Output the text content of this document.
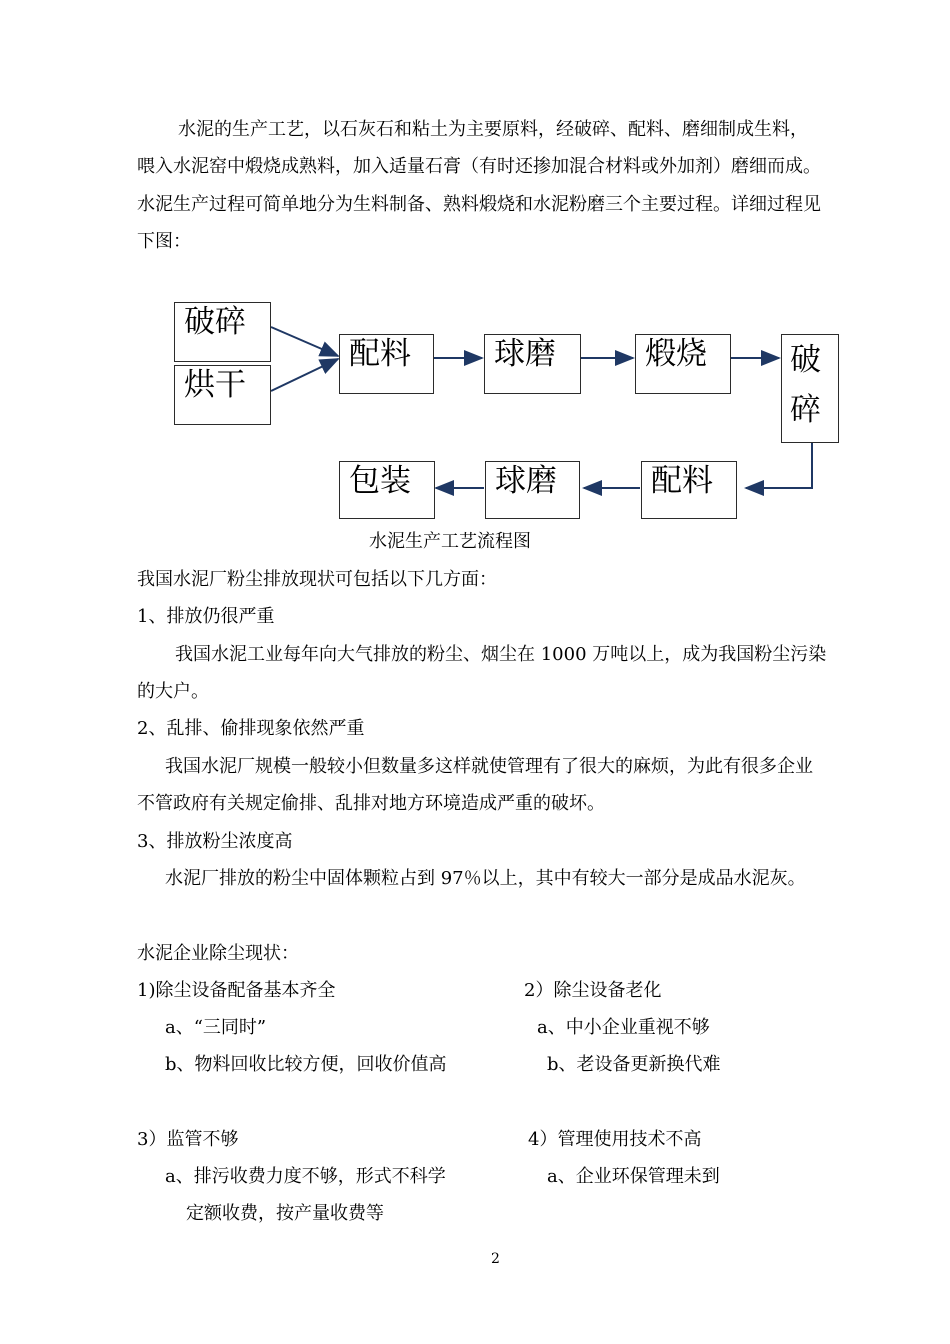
水泥的生产工艺，以石灰石和粘土为主要原料，经破碎、配料、磨细制成生料，
喂入水泥窑中煅烧成熟料，加入适量石膏（有时还掺加混合材料或外加剂）磨细而成。
水泥生产过程可简单地分为生料制备、熟料煅烧和水泥粉磨三个主要过程。详细过程见
下图：
破碎
烘干
配料	球磨	煅烧	破碎
配料
球磨
包装
水泥生产工艺流程图
我国水泥厂粉尘排放现状可包括以下几方面：
1、排放仍很严重
我国水泥工业每年向大气排放的粉尘、烟尘在 1000 万吨以上，成为我国粉尘污染
的大户。
2、乱排、偷排现象依然严重
我国水泥厂规模一般较小但数量多这样就使管理有了很大的麻烦，为此有很多企业
不管政府有关规定偷排、乱排对地方环境造成严重的破坏。
3、排放粉尘浓度高
水泥厂排放的粉尘中固体颗粒占到 97％以上，其中有较大一部分是成品水泥灰。
水泥企业除尘现状：
1)除尘设备配备基本齐全	2）除尘设备老化
a、“三同时”	a、中小企业重视不够
b、物料回收比较方便，回收价值高	b、老设备更新换代难
3）监管不够	4）管理使用技术不高
a、排污收费力度不够，形式不科学	a、企业环保管理未到
定额收费，按产量收费等
2
